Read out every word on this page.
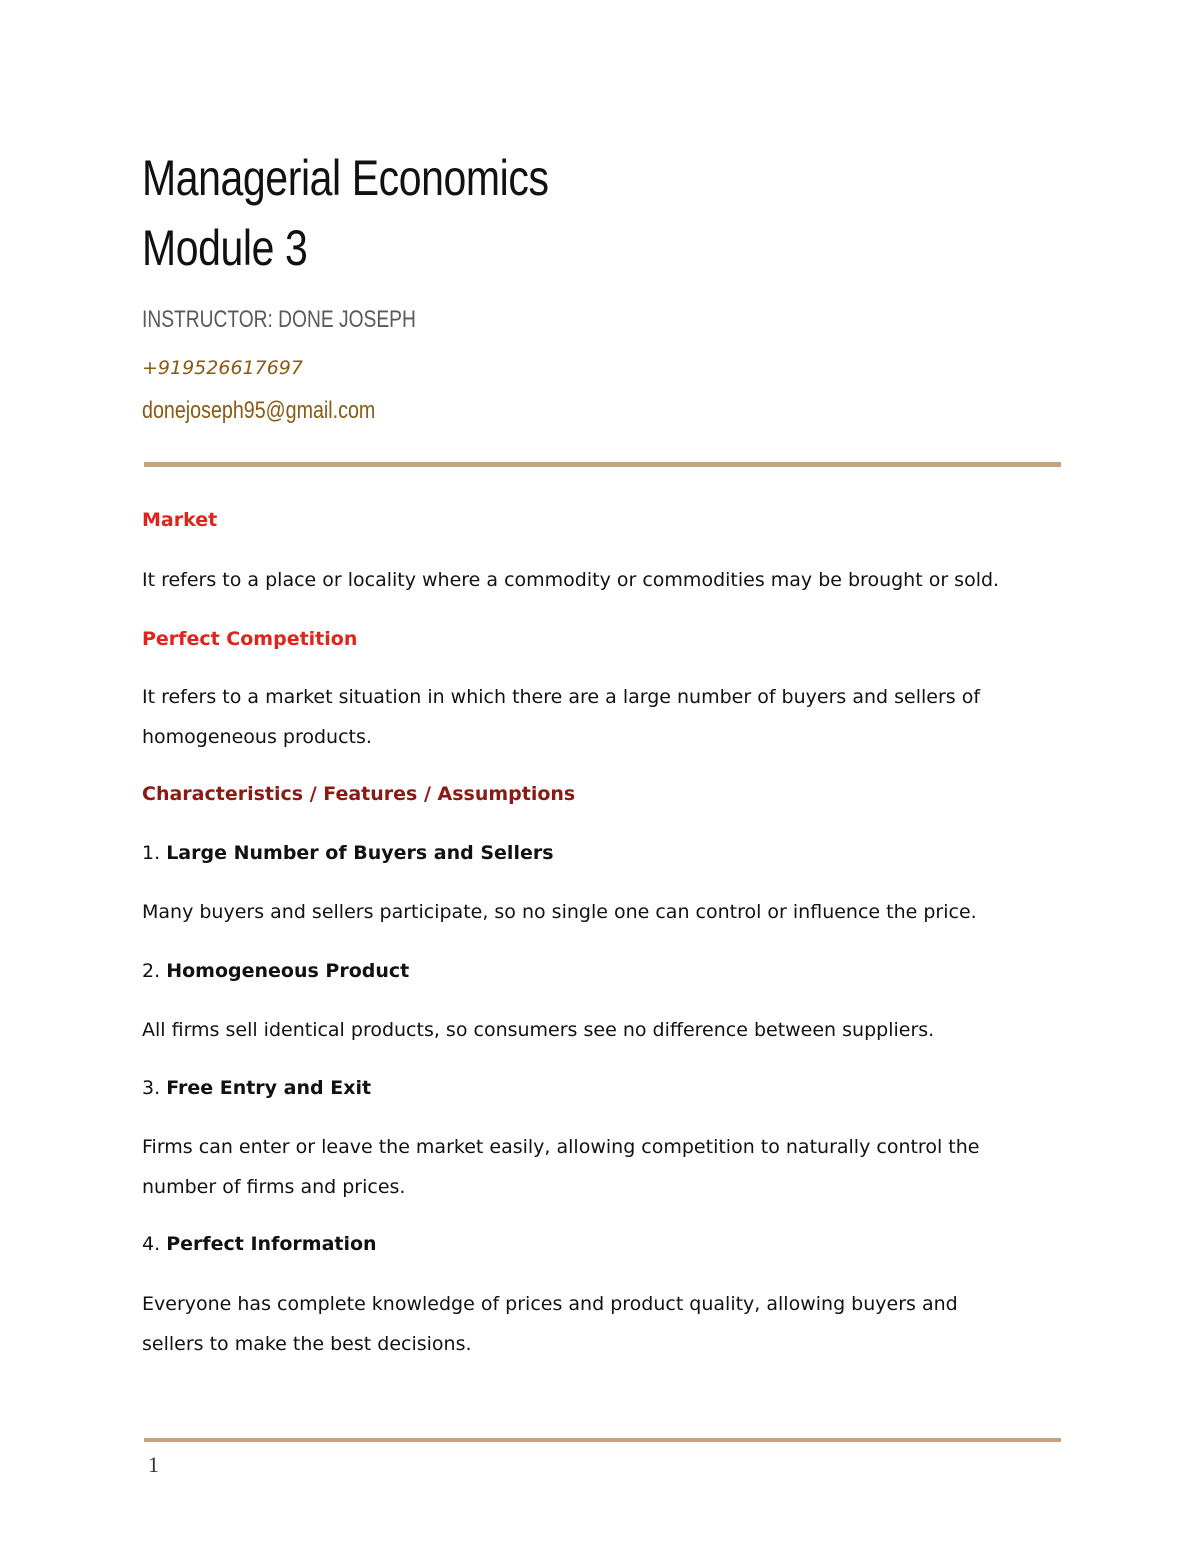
Managerial Economics
Module 3
INSTRUCTOR: DONE JOSEPH
+919526617697
donejoseph95@gmail.com
Market
It refers to a place or locality where a commodity or commodities may be brought or sold.
Perfect Competition
It refers to a market situation in which there are a large number of buyers and sellers of homogeneous products.
Characteristics / Features / Assumptions
1. Large Number of Buyers and Sellers
Many buyers and sellers participate, so no single one can control or influence the price.
2. Homogeneous Product
All firms sell identical products, so consumers see no difference between suppliers.
3. Free Entry and Exit
Firms can enter or leave the market easily, allowing competition to naturally control the number of firms and prices.
4. Perfect Information
Everyone has complete knowledge of prices and product quality, allowing buyers and sellers to make the best decisions.
1
